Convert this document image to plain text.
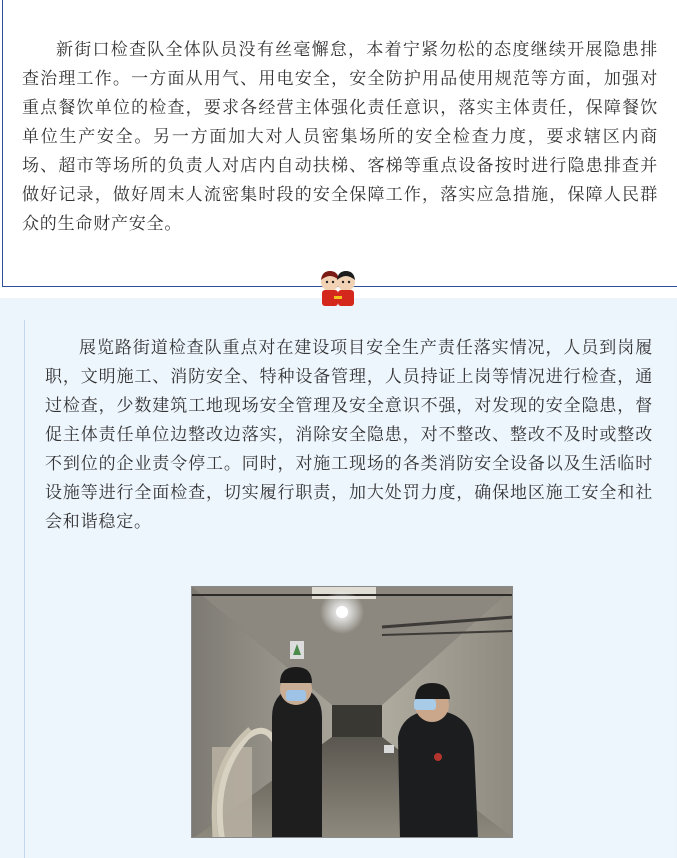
新街口检查队全体队员没有丝毫懈怠，本着宁紧勿松的态度继续开展隐患排查治理工作。一方面从用气、用电安全，安全防护用品使用规范等方面，加强对重点餐饮单位的检查，要求各经营主体强化责任意识，落实主体责任，保障餐饮单位生产安全。另一方面加大对人员密集场所的安全检查力度，要求辖区内商场、超市等场所的负责人对店内自动扶梯、客梯等重点设备按时进行隐患排查并做好记录，做好周末人流密集时段的安全保障工作，落实应急措施，保障人民群众的生命财产安全。

展览路街道检查队重点对在建设项目安全生产责任落实情况，人员到岗履职，文明施工、消防安全、特种设备管理，人员持证上岗等情况进行检查，通过检查，少数建筑工地现场安全管理及安全意识不强，对发现的安全隐患，督促主体责任单位边整改边落实，消除安全隐患，对不整改、整改不及时或整改不到位的企业责令停工。同时，对施工现场的各类消防安全设备以及生活临时设施等进行全面检查，切实履行职责，加大处罚力度，确保地区施工安全和社会和谐稳定。
